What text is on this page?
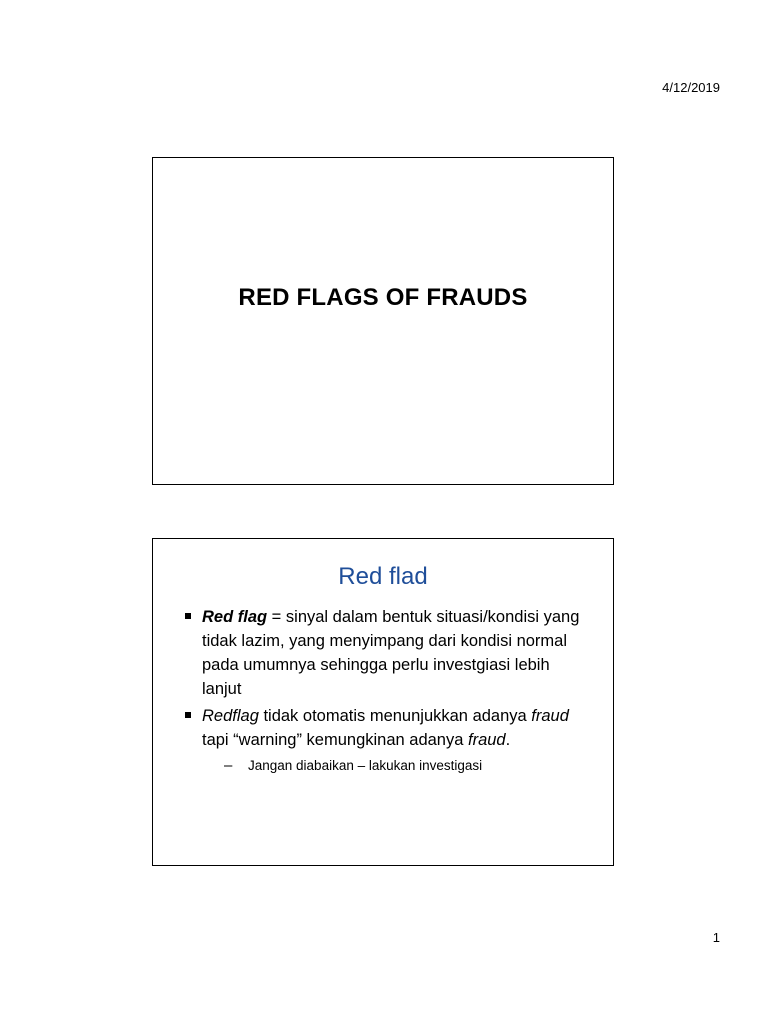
4/12/2019
RED FLAGS OF FRAUDS
Red flad
Red flag = sinyal dalam bentuk situasi/kondisi yang tidak lazim, yang menyimpang dari kondisi normal pada umumnya sehingga perlu investgiasi lebih lanjut
Redflag tidak otomatis menunjukkan adanya fraud tapi “warning” kemungkinan adanya fraud.
– Jangan diabaikan – lakukan investigasi
1
